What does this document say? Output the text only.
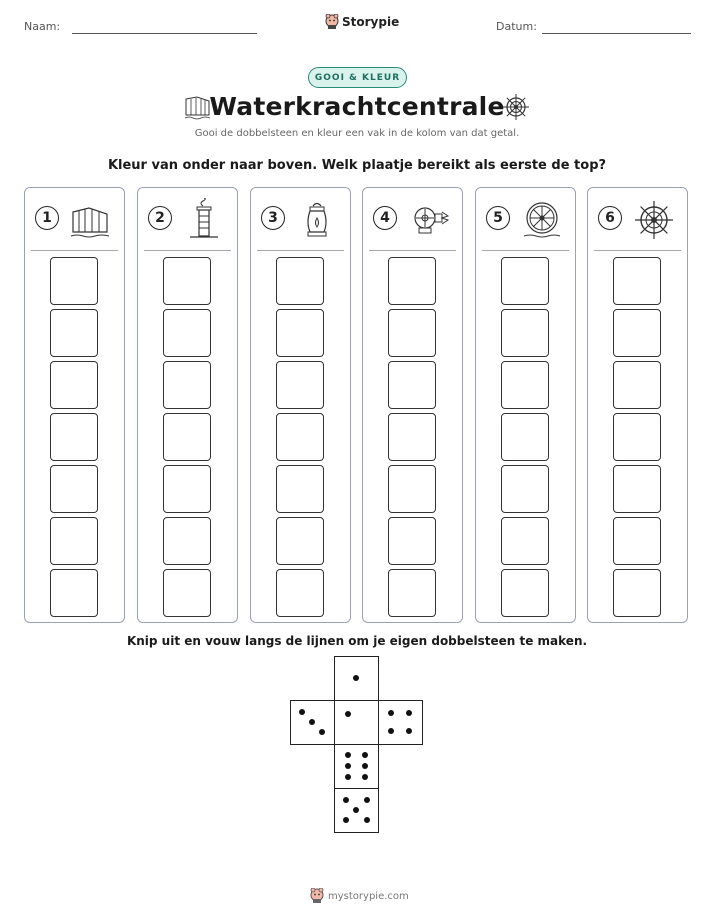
Naam:	Storypie	Datum:
GOOI & KLEUR
Waterkrachtcentrale
Gooi de dobbelsteen en kleur een vak in de kolom van dat getal.
Kleur van onder naar boven. Welk plaatje bereikt als eerste de top?
1	2	3	4	5	6
Knip uit en vouw langs de lijnen om je eigen dobbelsteen te maken.
mystorypie.com
